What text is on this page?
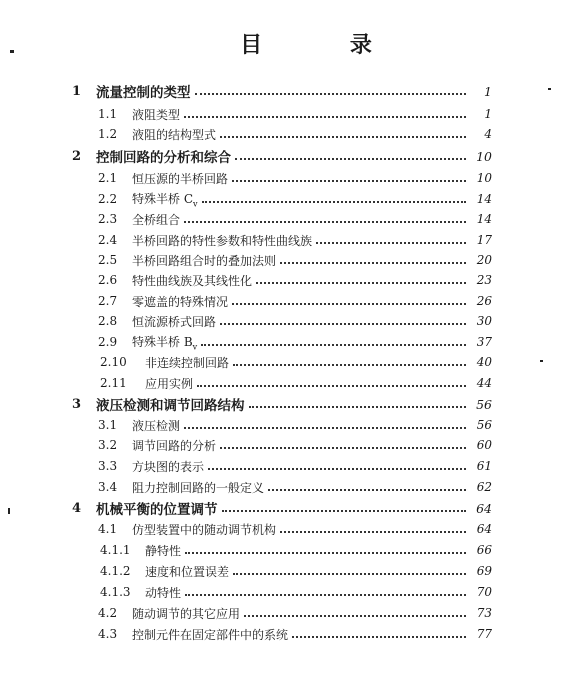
目 录
1 流量控制的类型	1
1.1 液阻类型	1
1.2 液阻的结构型式	4
2 控制回路的分析和综合	10
2.1 恒压源的半桥回路	10
2.2 特殊半桥 $C_v$	14
2.3 全桥组合	14
2.4 半桥回路的特性参数和特性曲线族	17
2.5 半桥回路组合时的叠加法则	20
2.6 特性曲线族及其线性化	23
2.7 零遮盖的特殊情况	26
2.8 恒流源桥式回路	30
2.9 特殊半桥 $B_v$	37
2.10 非连续控制回路	40
2.11 应用实例	44
3 液压检测和调节回路结构	56
3.1 液压检测	56
3.2 调节回路的分析	60
3.3 方块图的表示	61
3.4 阻力控制回路的一般定义	62
4 机械平衡的位置调节	64
4.1 仿型装置中的随动调节机构	64
4.1.1 静特性	66
4.1.2 速度和位置误差	69
4.1.3 动特性	70
4.2 随动调节的其它应用	73
4.3 控制元件在固定部件中的系统	77
